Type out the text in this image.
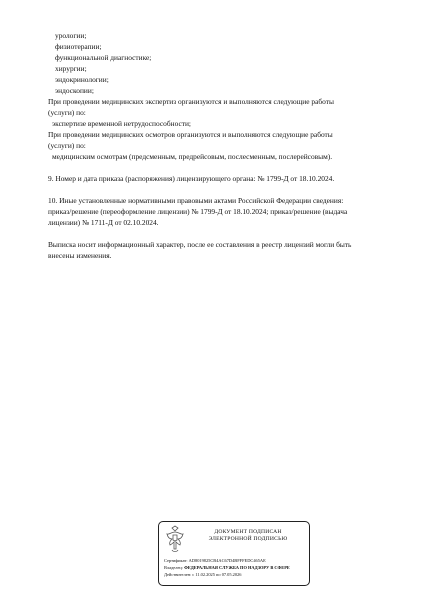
урологии;
физиотерапии;
функциональной диагностике;
хирургии;
эндокринологии;
эндоскопии;
При проведении медицинских экспертиз организуются и выполняются следующие работы
(услуги) по:
экспертизе временной нетрудоспособности;
При проведении медицинских осмотров организуются и выполняются следующие работы
(услуги) по:
медицинским осмотрам (предсменным, предрейсовым, послесменным, послерейсовым).
9. Номер и дата приказа (распоряжения) лицензирующего органа: № 1799-Д от 18.10.2024.
10. Иные установленные нормативными правовыми актами Российской Федерации сведения:
приказ/решение (переоформление лицензии) № 1799-Д от 18.10.2024; приказ/решение (выдача
лицензии) № 1711-Д от 02.10.2024.
Выписка носит информационный характер, после ее составления в реестр лицензий могли быть
внесены изменения.
ДОКУМЕНТ ПОДПИСАН
ЭЛЕКТРОННОЙ ПОДПИСЬЮ
Сертификат: AD8019825CB4AC67D4BFFFEDC465AE
Владелец: ФЕДЕРАЛЬНАЯ СЛУЖБА ПО НАДЗОРУ В СФЕРЕ
Действителен: с 11.02.2025 по 07.05.2026
